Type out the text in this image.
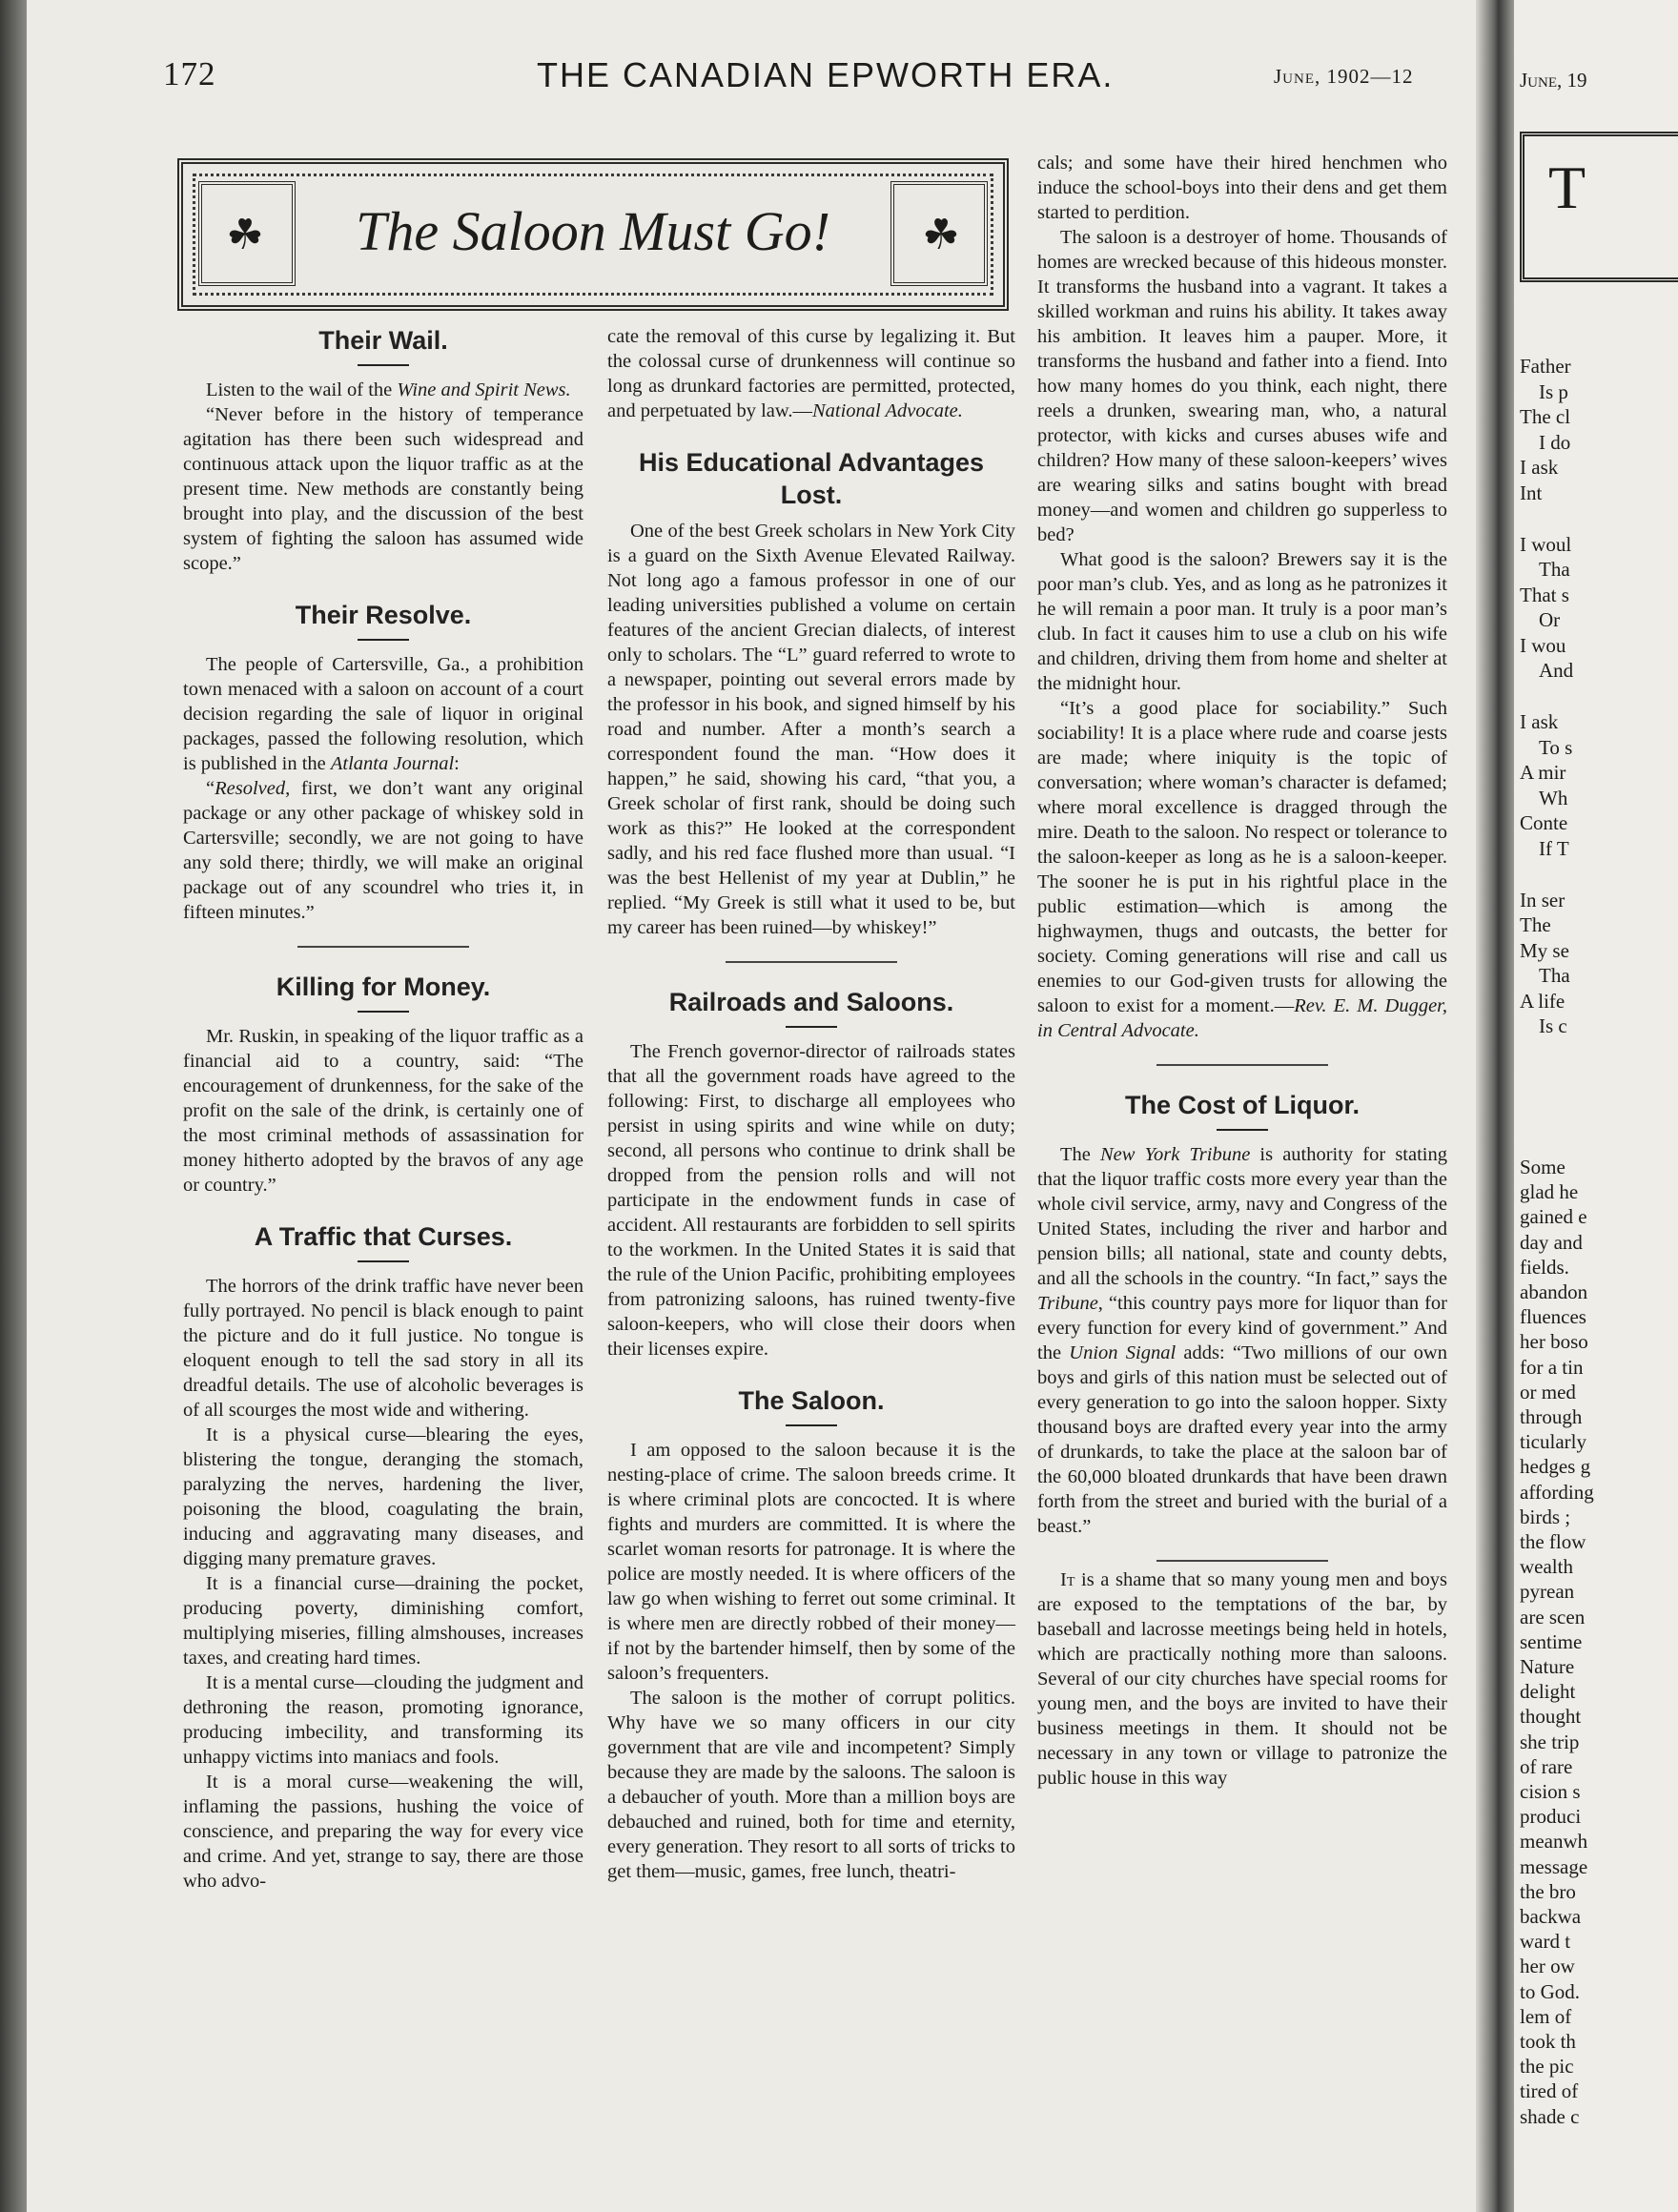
172	THE CANADIAN EPWORTH ERA.	June, 1902—12
☘	☘
The Saloon Must Go!
Their Wail.

Listen to the wail of the Wine and Spirit News.

“Never before in the history of temperance agitation has there been such widespread and continuous attack upon the liquor traffic as at the present time. New methods are constantly being brought into play, and the discussion of the best system of fighting the saloon has assumed wide scope.”

Their Resolve.

The people of Cartersville, Ga., a prohibition town menaced with a saloon on account of a court decision regarding the sale of liquor in original packages, passed the following resolution, which is published in the Atlanta Journal:

“Resolved, first, we don’t want any original package or any other package of whiskey sold in Cartersville; secondly, we are not going to have any sold there; thirdly, we will make an original package out of any scoundrel who tries it, in fifteen minutes.”

Killing for Money.

Mr. Ruskin, in speaking of the liquor traffic as a financial aid to a country, said: “The encouragement of drunkenness, for the sake of the profit on the sale of the drink, is certainly one of the most criminal methods of assassination for money hitherto adopted by the bravos of any age or country.”

A Traffic that Curses.

The horrors of the drink traffic have never been fully portrayed. No pencil is black enough to paint the picture and do it full justice. No tongue is eloquent enough to tell the sad story in all its dreadful details. The use of alcoholic beverages is of all scourges the most wide and withering.

It is a physical curse—blearing the eyes, blistering the tongue, deranging the stomach, paralyzing the nerves, hardening the liver, poisoning the blood, coagulating the brain, inducing and aggravating many diseases, and digging many premature graves.

It is a financial curse—draining the pocket, producing poverty, diminishing comfort, multiplying miseries, filling almshouses, increases taxes, and creating hard times.

It is a mental curse—clouding the judgment and dethroning the reason, promoting ignorance, producing imbecility, and transforming its unhappy victims into maniacs and fools.

It is a moral curse—weakening the will, inflaming the passions, hushing the voice of conscience, and preparing the way for every vice and crime. And yet, strange to say, there are those who advo-

cate the removal of this curse by legalizing it. But the colossal curse of drunkenness will continue so long as drunkard factories are permitted, protected, and perpetuated by law.—National Advocate.

His Educational Advantages Lost.

One of the best Greek scholars in New York City is a guard on the Sixth Avenue Elevated Railway. Not long ago a famous professor in one of our leading universities published a volume on certain features of the ancient Grecian dialects, of interest only to scholars. The “L” guard referred to wrote to a newspaper, pointing out several errors made by the professor in his book, and signed himself by his road and number. After a month’s search a correspondent found the man. “How does it happen,” he said, showing his card, “that you, a Greek scholar of first rank, should be doing such work as this?” He looked at the correspondent sadly, and his red face flushed more than usual. “I was the best Hellenist of my year at Dublin,” he replied. “My Greek is still what it used to be, but my career has been ruined—by whiskey!”

Railroads and Saloons.

The French governor-director of railroads states that all the government roads have agreed to the following: First, to discharge all employees who persist in using spirits and wine while on duty; second, all persons who continue to drink shall be dropped from the pension rolls and will not participate in the endowment funds in case of accident. All restaurants are forbidden to sell spirits to the workmen. In the United States it is said that the rule of the Union Pacific, prohibiting employees from patronizing saloons, has ruined twenty-five saloon-keepers, who will close their doors when their licenses expire.

The Saloon.

I am opposed to the saloon because it is the nesting-place of crime. The saloon breeds crime. It is where criminal plots are concocted. It is where fights and murders are committed. It is where the scarlet woman resorts for patronage. It is where the police are mostly needed. It is where officers of the law go when wishing to ferret out some criminal. It is where men are directly robbed of their money—if not by the bartender himself, then by some of the saloon’s frequenters.

The saloon is the mother of corrupt politics. Why have we so many officers in our city government that are vile and incompetent? Simply because they are made by the saloons. The saloon is a debaucher of youth. More than a million boys are debauched and ruined, both for time and eternity, every generation. They resort to all sorts of tricks to get them—music, games, free lunch, theatri-

cals; and some have their hired henchmen who induce the school-boys into their dens and get them started to perdition.

The saloon is a destroyer of home. Thousands of homes are wrecked because of this hideous monster. It transforms the husband into a vagrant. It takes a skilled workman and ruins his ability. It takes away his ambition. It leaves him a pauper. More, it transforms the husband and father into a fiend. Into how many homes do you think, each night, there reels a drunken, swearing man, who, a natural protector, with kicks and curses abuses wife and children? How many of these saloon-keepers’ wives are wearing silks and satins bought with bread money—and women and children go supperless to bed?

What good is the saloon? Brewers say it is the poor man’s club. Yes, and as long as he patronizes it he will remain a poor man. It truly is a poor man’s club. In fact it causes him to use a club on his wife and children, driving them from home and shelter at the midnight hour.

“It’s a good place for sociability.” Such sociability! It is a place where rude and coarse jests are made; where iniquity is the topic of conversation; where woman’s character is defamed; where moral excellence is dragged through the mire. Death to the saloon. No respect or tolerance to the saloon-keeper as long as he is a saloon-keeper. The sooner he is put in his rightful place in the public estimation—which is among the highwaymen, thugs and outcasts, the better for society. Coming generations will rise and call us enemies to our God-given trusts for allowing the saloon to exist for a moment.—Rev. E. M. Dugger, in Central Advocate.

The Cost of Liquor.

The New York Tribune is authority for stating that the liquor traffic costs more every year than the whole civil service, army, navy and Congress of the United States, including the river and harbor and pension bills; all national, state and county debts, and all the schools in the country. “In fact,” says the Tribune, “this country pays more for liquor than for every function for every kind of government.” And the Union Signal adds: “Two millions of our own boys and girls of this nation must be selected out of every generation to go into the saloon hopper. Sixty thousand boys are drafted every year into the army of drunkards, to take the place at the saloon bar of the 60,000 bloated drunkards that have been drawn forth from the street and buried with the burial of a beast.”

It is a shame that so many young men and boys are exposed to the temptations of the bar, by baseball and lacrosse meetings being held in hotels, which are practically nothing more than saloons. Several of our city churches have special rooms for young men, and the boys are invited to have their business meetings in them. It should not be necessary in any town or village to patronize the public house in this way

June, 19
T
Father
Is p
The cl
I do
I ask
Int
I woul
Tha
That s
Or
I wou
And
I ask
To s
A mir
Wh
Conte
If T
In ser
The
My se
Tha
A life
Is c
Some
glad he
gained e
day and
fields.
abandon
fluences
her boso
for a tin
or med
through
ticularly
hedges g
affording
birds ;
the flow
wealth
pyrean
are scen
sentime
Nature
delight
thought
she trip
of rare
cision s
produci
meanwh
message
the bro
backwa
ward t
her ow
to God.
lem of
took th
the pic
tired of
shade c
